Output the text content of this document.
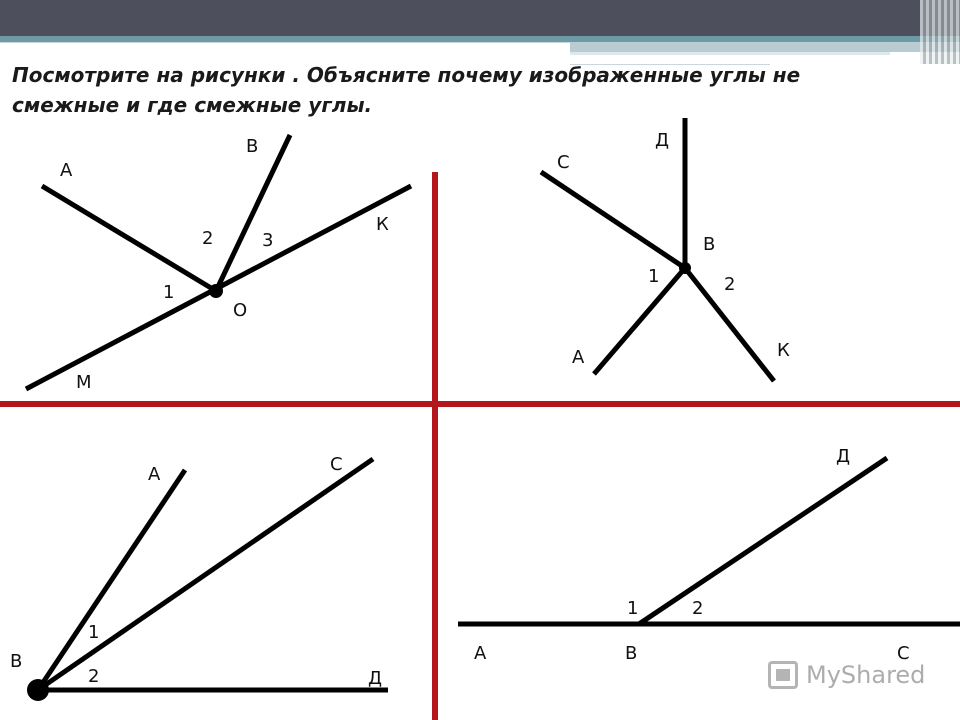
Посмотрите на рисунки . Объясните почему изображенные углы не смежные и где смежные углы.

А
В
К
О
М
1
2	3
Д
С
В
А	К
1	2
А	С
В
Д
1
2
Д
А	В	С
1	2
MyShared
